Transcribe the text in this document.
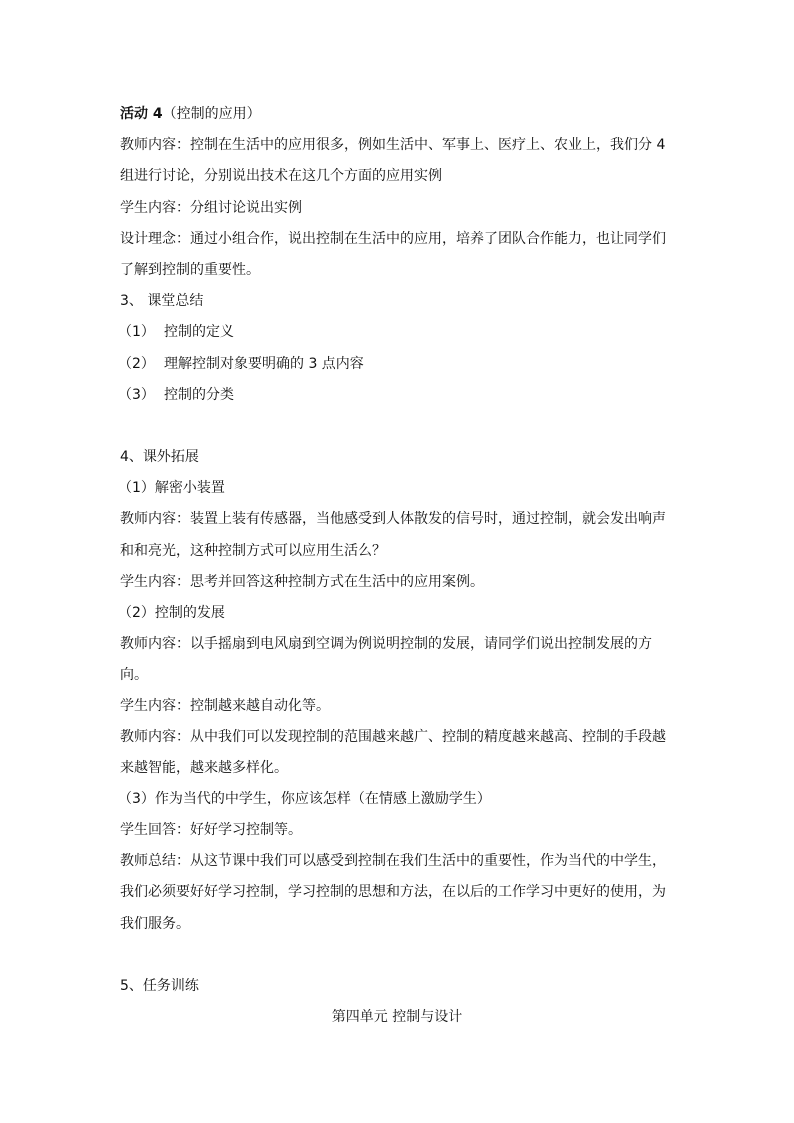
活动 4（控制的应用）
教师内容：控制在生活中的应用很多，例如生活中、军事上、医疗上、农业上，我们分 4
组进行讨论，分别说出技术在这几个方面的应用实例
学生内容：分组讨论说出实例
设计理念：通过小组合作，说出控制在生活中的应用，培养了团队合作能力，也让同学们
了解到控制的重要性。
3、 课堂总结
（1） 控制的定义
（2） 理解控制对象要明确的 3 点内容
（3） 控制的分类
4、课外拓展
（1）解密小装置
教师内容：装置上装有传感器，当他感受到人体散发的信号时，通过控制，就会发出响声
和和亮光，这种控制方式可以应用生活么？
学生内容：思考并回答这种控制方式在生活中的应用案例。
（2）控制的发展
教师内容：以手摇扇到电风扇到空调为例说明控制的发展，请同学们说出控制发展的方
向。
学生内容：控制越来越自动化等。
教师内容：从中我们可以发现控制的范围越来越广、控制的精度越来越高、控制的手段越
来越智能，越来越多样化。
（3）作为当代的中学生，你应该怎样（在情感上激励学生）
学生回答：好好学习控制等。
教师总结：从这节课中我们可以感受到控制在我们生活中的重要性，作为当代的中学生，
我们必须要好好学习控制，学习控制的思想和方法，在以后的工作学习中更好的使用，为
我们服务。
5、任务训练
第四单元 控制与设计
